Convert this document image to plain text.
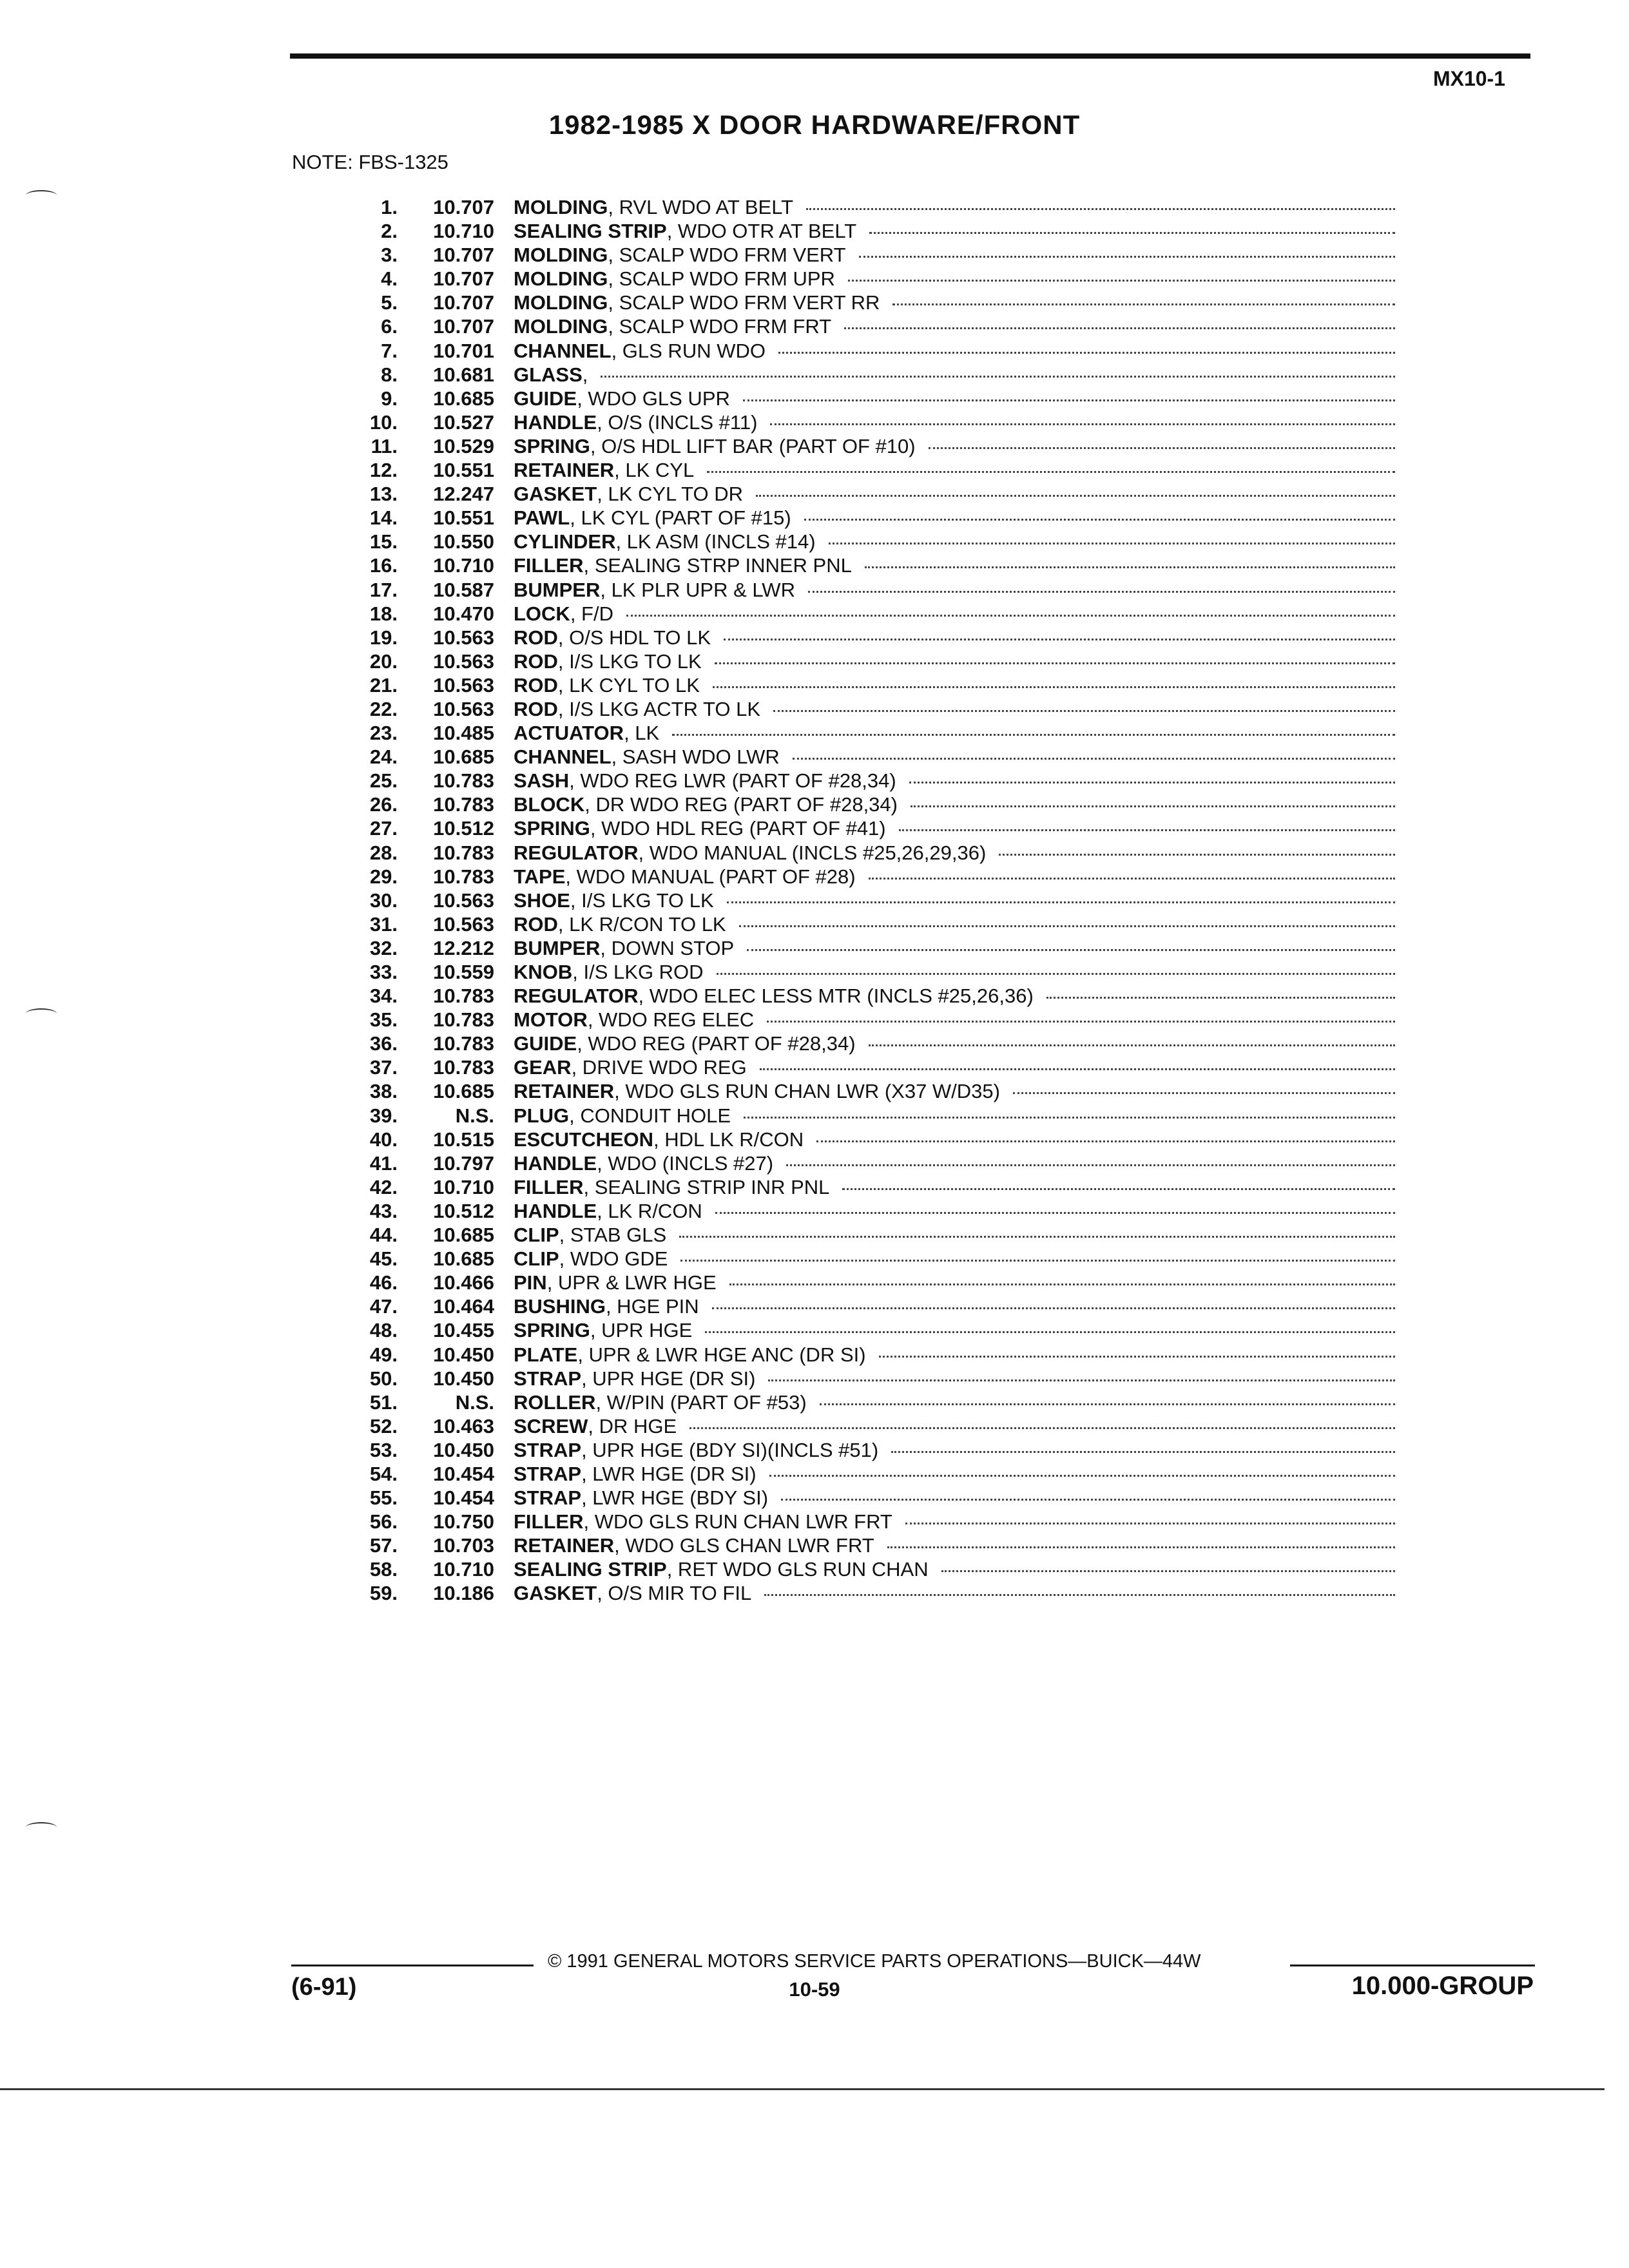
MX10-1
1982-1985 X DOOR HARDWARE/FRONT
NOTE: FBS-1325
1.	10.707 MOLDING , RVL WDO AT BELT
2.	10.710 SEALING STRIP , WDO OTR AT BELT
3.	10.707 MOLDING , SCALP WDO FRM VERT
4.	10.707 MOLDING , SCALP WDO FRM UPR
5.	10.707 MOLDING , SCALP WDO FRM VERT RR
6.	10.707 MOLDING , SCALP WDO FRM FRT
7.	10.701 CHANNEL , GLS RUN WDO
8.	10.681 GLASS ,
9.	10.685 GUIDE , WDO GLS UPR
10.	10.527 HANDLE , O/S (INCLS #11)
11.	10.529 SPRING , O/S HDL LIFT BAR (PART OF #10)
12.	10.551 RETAINER , LK CYL
13.	12.247 GASKET , LK CYL TO DR
14.	10.551 PAWL , LK CYL (PART OF #15)
15.	10.550 CYLINDER , LK ASM (INCLS #14)
16.	10.710 FILLER , SEALING STRP INNER PNL
17.	10.587 BUMPER , LK PLR UPR & LWR
18.	10.470 LOCK , F/D
19.	10.563 ROD , O/S HDL TO LK
20.	10.563 ROD , I/S LKG TO LK
21.	10.563 ROD , LK CYL TO LK
22.	10.563 ROD , I/S LKG ACTR TO LK
23.	10.485 ACTUATOR , LK
24.	10.685 CHANNEL , SASH WDO LWR
25.	10.783 SASH , WDO REG LWR (PART OF #28,34)
26.	10.783 BLOCK , DR WDO REG (PART OF #28,34)
27.	10.512 SPRING , WDO HDL REG (PART OF #41)
28.	10.783 REGULATOR , WDO MANUAL (INCLS #25,26,29,36)
29.	10.783 TAPE , WDO MANUAL (PART OF #28)
30.	10.563 SHOE , I/S LKG TO LK
31.	10.563 ROD , LK R/CON TO LK
32.	12.212 BUMPER , DOWN STOP
33.	10.559 KNOB , I/S LKG ROD
34.	10.783 REGULATOR , WDO ELEC LESS MTR (INCLS #25,26,36)
35.	10.783 MOTOR , WDO REG ELEC
36.	10.783 GUIDE , WDO REG (PART OF #28,34)
37.	10.783 GEAR , DRIVE WDO REG
38.	10.685 RETAINER , WDO GLS RUN CHAN LWR (X37 W/D35)
39.	N.S. PLUG , CONDUIT HOLE
40.	10.515 ESCUTCHEON , HDL LK R/CON
41.	10.797 HANDLE , WDO (INCLS #27)
42.	10.710 FILLER , SEALING STRIP INR PNL
43.	10.512 HANDLE , LK R/CON
44.	10.685 CLIP , STAB GLS
45.	10.685 CLIP , WDO GDE
46.	10.466 PIN , UPR & LWR HGE
47.	10.464 BUSHING , HGE PIN
48.	10.455 SPRING , UPR HGE
49.	10.450 PLATE , UPR & LWR HGE ANC (DR SI)
50.	10.450 STRAP , UPR HGE (DR SI)
51.	N.S. ROLLER , W/PIN (PART OF #53)
52.	10.463 SCREW , DR HGE
53.	10.450 STRAP , UPR HGE (BDY SI)(INCLS #51)
54.	10.454 STRAP , LWR HGE (DR SI)
55.	10.454 STRAP , LWR HGE (BDY SI)
56.	10.750 FILLER , WDO GLS RUN CHAN LWR FRT
57.	10.703 RETAINER , WDO GLS CHAN LWR FRT
58.	10.710 SEALING STRIP , RET WDO GLS RUN CHAN
59.	10.186 GASKET , O/S MIR TO FIL
© 1991 GENERAL MOTORS SERVICE PARTS OPERATIONS—BUICK—44W
(6-91)	10-59	10.000-GROUP
